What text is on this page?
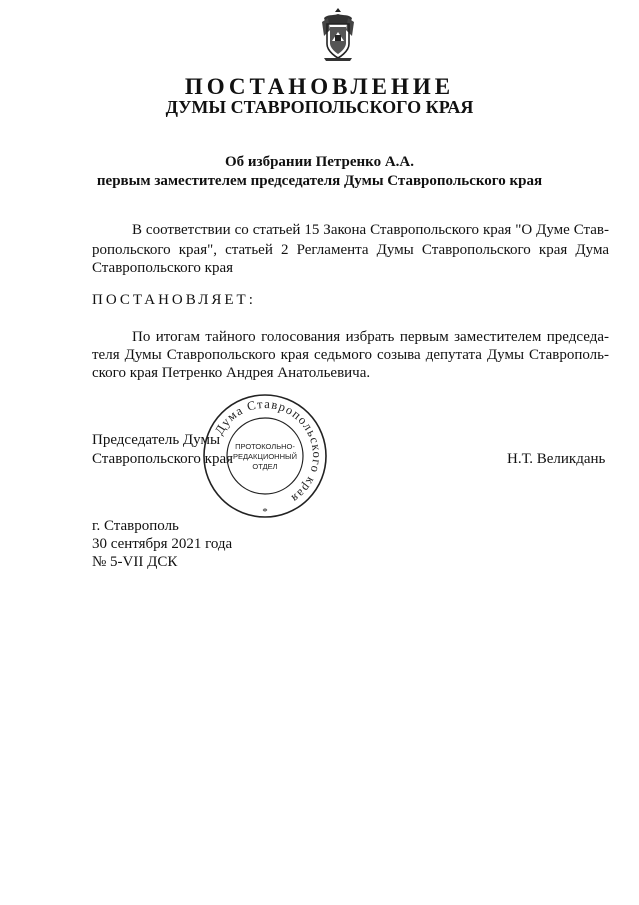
ПОСТАНОВЛЕНИЕ
ДУМЫ СТАВРОПОЛЬСКОГО КРАЯ
Об избрании Петренко А.А.
первым заместителем председателя Думы Ставропольского края
В соответствии со статьей 15 Закона Ставропольского края "О Думе Став-
ропольского края", статьей 2 Регламента Думы Ставропольского края Дума
Ставропольского края
ПОСТАНОВЛЯЕТ:
По итогам тайного голосования избрать первым заместителем председа-
теля Думы Ставропольского края седьмого созыва депутата Думы Ставрополь-
ского края Петренко Андрея Анатольевича.
Председатель Думы
Ставропольского края	Н.Т. Великдань
Дума Ставропольского края
ПРОТОКОЛЬНО-
РЕДАКЦИОННЫЙ
ОТДЕЛ
*
г. Ставрополь
30 сентября 2021 года
№ 5-VII ДСК
